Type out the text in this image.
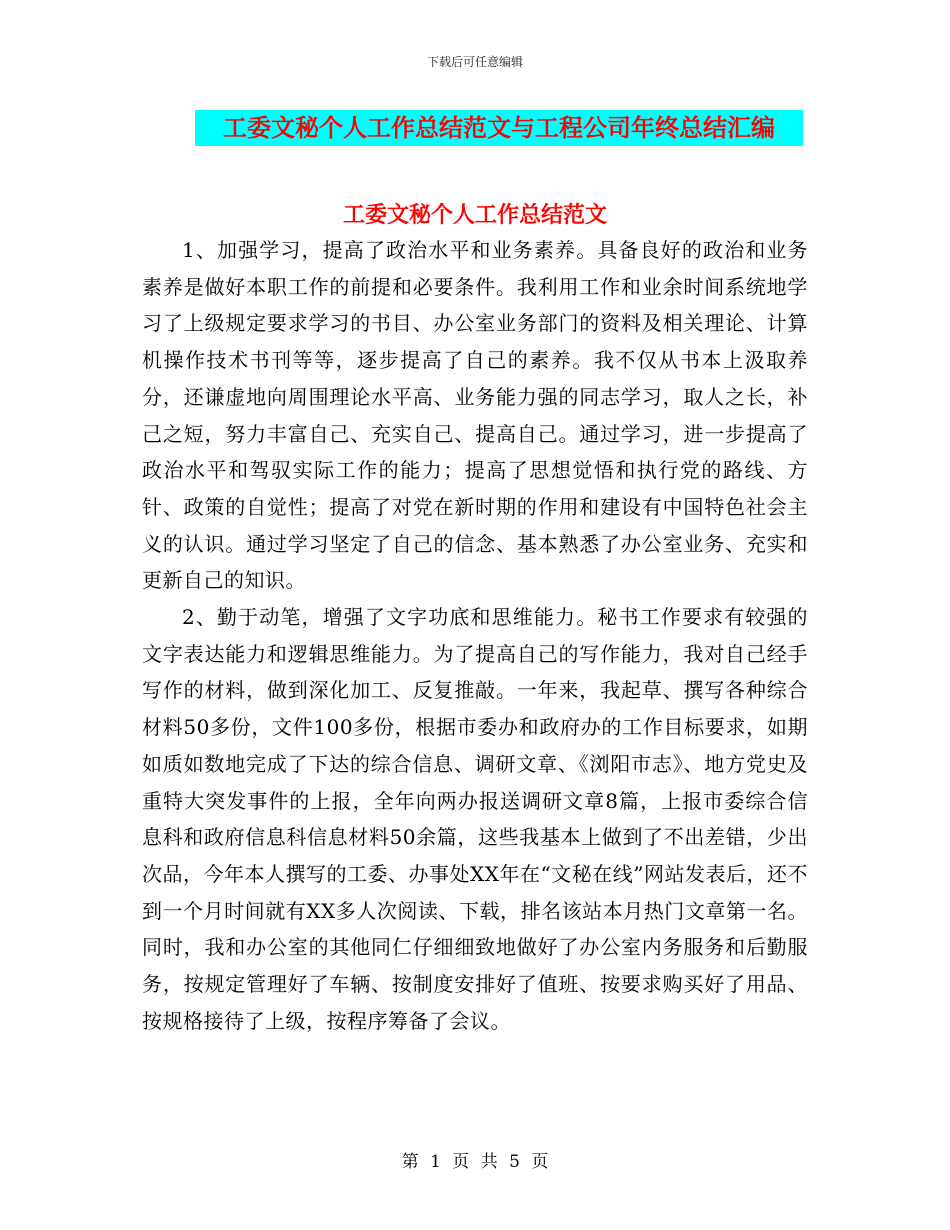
下载后可任意编辑
工委文秘个人工作总结范文与工程公司年终总结汇编
工委文秘个人工作总结范文

1、加强学习，提高了政治水平和业务素养。具备良好的政治和业务素养是做好本职工作的前提和必要条件。我利用工作和业余时间系统地学习了上级规定要求学习的书目、办公室业务部门的资料及相关理论、计算机操作技术书刊等等，逐步提高了自己的素养。我不仅从书本上汲取养分，还谦虚地向周围理论水平高、业务能力强的同志学习，取人之长，补己之短，努力丰富自己、充实自己、提高自己。通过学习，进一步提高了政治水平和驾驭实际工作的能力；提高了思想觉悟和执行党的路线、方针、政策的自觉性；提高了对党在新时期的作用和建设有中国特色社会主义的认识。通过学习坚定了自己的信念、基本熟悉了办公室业务、充实和更新自己的知识。

2、勤于动笔，增强了文字功底和思维能力。秘书工作要求有较强的文字表达能力和逻辑思维能力。为了提高自己的写作能力，我对自己经手写作的材料，做到深化加工、反复推敲。一年来，我起草、撰写各种综合材料50多份，文件100多份，根据市委办和政府办的工作目标要求，如期如质如数地完成了下达的综合信息、调研文章、《浏阳市志》、地方党史及重特大突发事件的上报，全年向两办报送调研文章8篇，上报市委综合信息科和政府信息科信息材料50余篇，这些我基本上做到了不出差错，少出次品，今年本人撰写的工委、办事处XX年在“文秘在线”网站发表后，还不到一个月时间就有XX多人次阅读、下载，排名该站本月热门文章第一名。同时，我和办公室的其他同仁仔细细致地做好了办公室内务服务和后勤服务，按规定管理好了车辆、按制度安排好了值班、按要求购买好了用品、按规格接待了上级，按程序筹备了会议。

第 1 页 共 5 页
